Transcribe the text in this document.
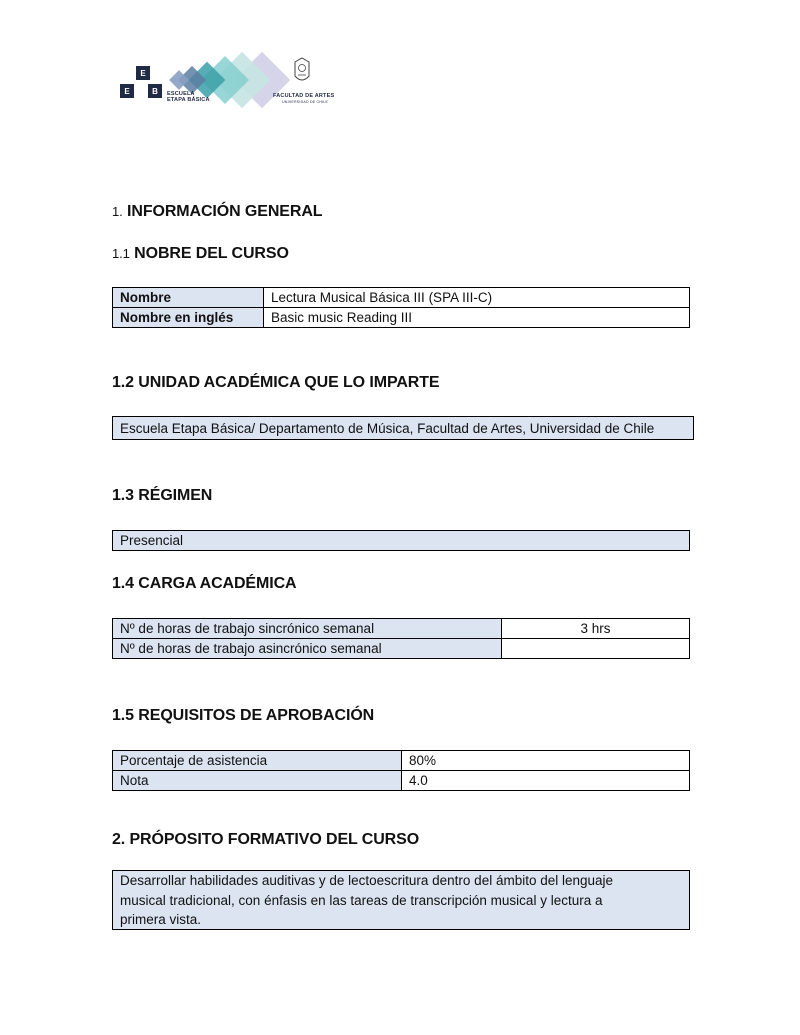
E
E	B	ESCUELA
ETAPA BÁSICA
FACULTAD DE ARTES
UNIVERSIDAD DE CHILE
1. INFORMACIÓN GENERAL
1.1 NOBRE DEL CURSO
Nombre	Lectura Musical Básica III (SPA III-C)
Nombre en inglés	Basic music Reading III
1.2 UNIDAD ACADÉMICA QUE LO IMPARTE
Escuela Etapa Básica/ Departamento de Música, Facultad de Artes, Universidad de Chile
1.3 RÉGIMEN
Presencial
1.4 CARGA ACADÉMICA
Nº de horas de trabajo sincrónico semanal	3 hrs
Nº de horas de trabajo asincrónico semanal	
1.5 REQUISITOS DE APROBACIÓN
Porcentaje de asistencia	80%
Nota	4.0
2. PRÓPOSITO FORMATIVO DEL CURSO
Desarrollar habilidades auditivas y de lectoescritura dentro del ámbito del lenguaje
musical tradicional, con énfasis en las tareas de transcripción musical y lectura a
primera vista.
